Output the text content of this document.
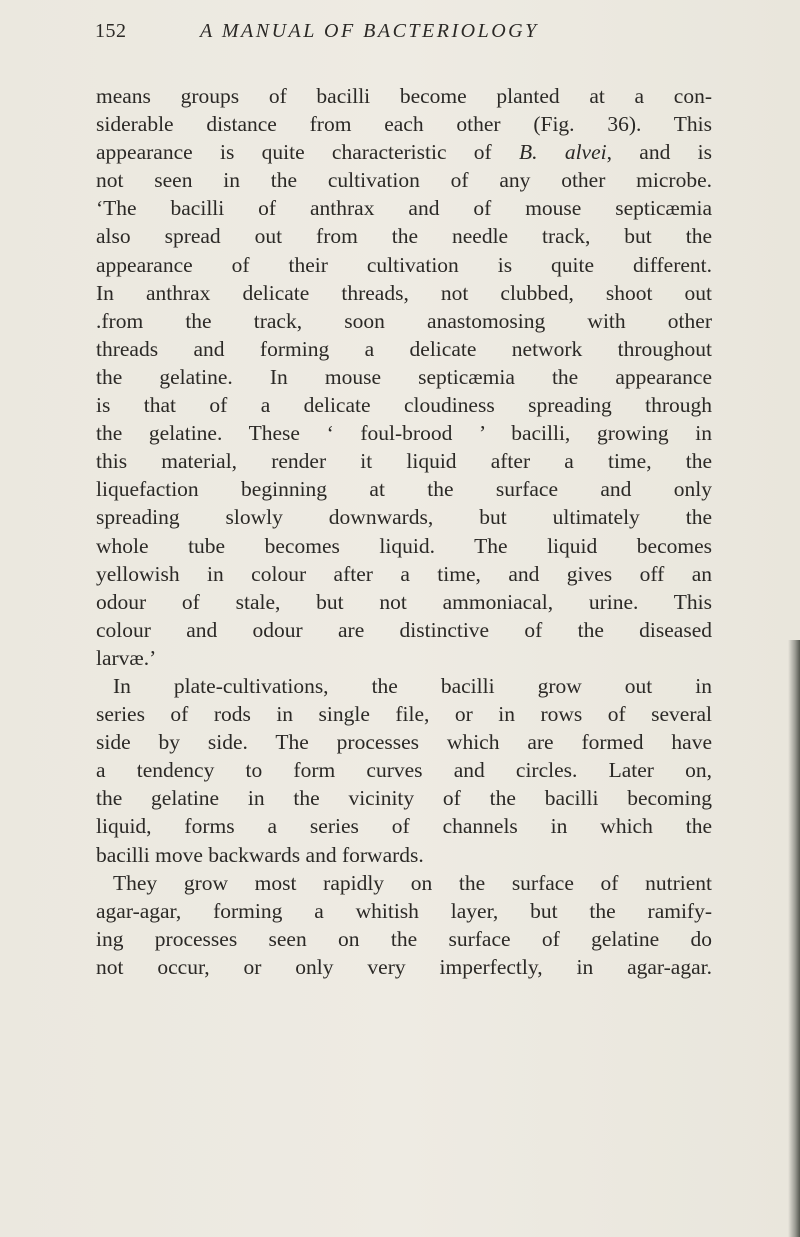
152	A MANUAL OF BACTERIOLOGY
means groups of bacilli become planted at a con-
siderable distance from each other (Fig. 36). This
appearance is quite characteristic of B. alvei, and is
not seen in the cultivation of any other microbe.
‘The bacilli of anthrax and of mouse septicæmia
also spread out from the needle track, but the
appearance of their cultivation is quite different.
In anthrax delicate threads, not clubbed, shoot out
.from the track, soon anastomosing with other
threads and forming a delicate network throughout
the gelatine. In mouse septicæmia the appearance
is that of a delicate cloudiness spreading through
the gelatine. These ‘ foul-brood ’ bacilli, growing in
this material, render it liquid after a time, the
liquefaction beginning at the surface and only
spreading slowly downwards, but ultimately the
whole tube becomes liquid. The liquid becomes
yellowish in colour after a time, and gives off an
odour of stale, but not ammoniacal, urine. This
colour and odour are distinctive of the diseased
larvæ.’
In plate-cultivations, the bacilli grow out in
series of rods in single file, or in rows of several
side by side. The processes which are formed have
a tendency to form curves and circles. Later on,
the gelatine in the vicinity of the bacilli becoming
liquid, forms a series of channels in which the
bacilli move backwards and forwards.
They grow most rapidly on the surface of nutrient
agar-agar, forming a whitish layer, but the ramify-
ing processes seen on the surface of gelatine do
not occur, or only very imperfectly, in agar-agar.
